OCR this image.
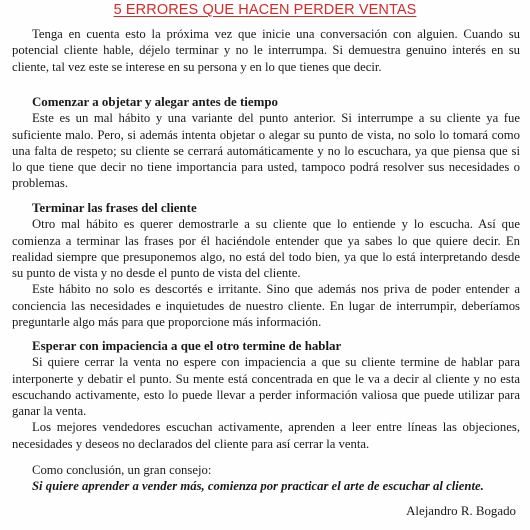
5 ERRORES QUE HACEN PERDER VENTAS
Tenga en cuenta esto la próxima vez que inicie una conversación con alguien. Cuando su potencial cliente hable, déjelo terminar y no le interrumpa. Si demuestra genuino interés en su cliente, tal vez este se interese en su persona y en lo que tienes que decir.
Comenzar a objetar y alegar antes de tiempo
Este es un mal hábito y una variante del punto anterior. Si interrumpe a su cliente ya fue suficiente malo. Pero, si además intenta objetar o alegar su punto de vista, no solo lo tomará como una falta de respeto; su cliente se cerrará automáticamente y no lo escuchara, ya que piensa que si lo que tiene que decir no tiene importancia para usted, tampoco podrá resolver sus necesidades o problemas.
Terminar las frases del cliente
Otro mal hábito es querer demostrarle a su cliente que lo entiende y lo escucha. Así que comienza a terminar las frases por él haciéndole entender que ya sabes lo que quiere decir. En realidad siempre que presuponemos algo, no está del todo bien, ya que lo está interpretando desde su punto de vista y no desde el punto de vista del cliente.
Este hábito no solo es descortés e irritante. Sino que además nos priva de poder entender a conciencia las necesidades e inquietudes de nuestro cliente. En lugar de interrumpir, deberíamos preguntarle algo más para que proporcione más información.
Esperar con impaciencia a que el otro termine de hablar
Si quiere cerrar la venta no espere con impaciencia a que su cliente termine de hablar para interponerte y debatir el punto. Su mente está concentrada en que le va a decir al cliente y no esta escuchando activamente, esto lo puede llevar a perder información valiosa que puede utilizar para ganar la venta.
Los mejores vendedores escuchan activamente, aprenden a leer entre líneas las objeciones, necesidades y deseos no declarados del cliente para así cerrar la venta.
Como conclusión, un gran consejo:
Si quiere aprender a vender más, comienza por practicar el arte de escuchar al cliente.
Alejandro R. Bogado
